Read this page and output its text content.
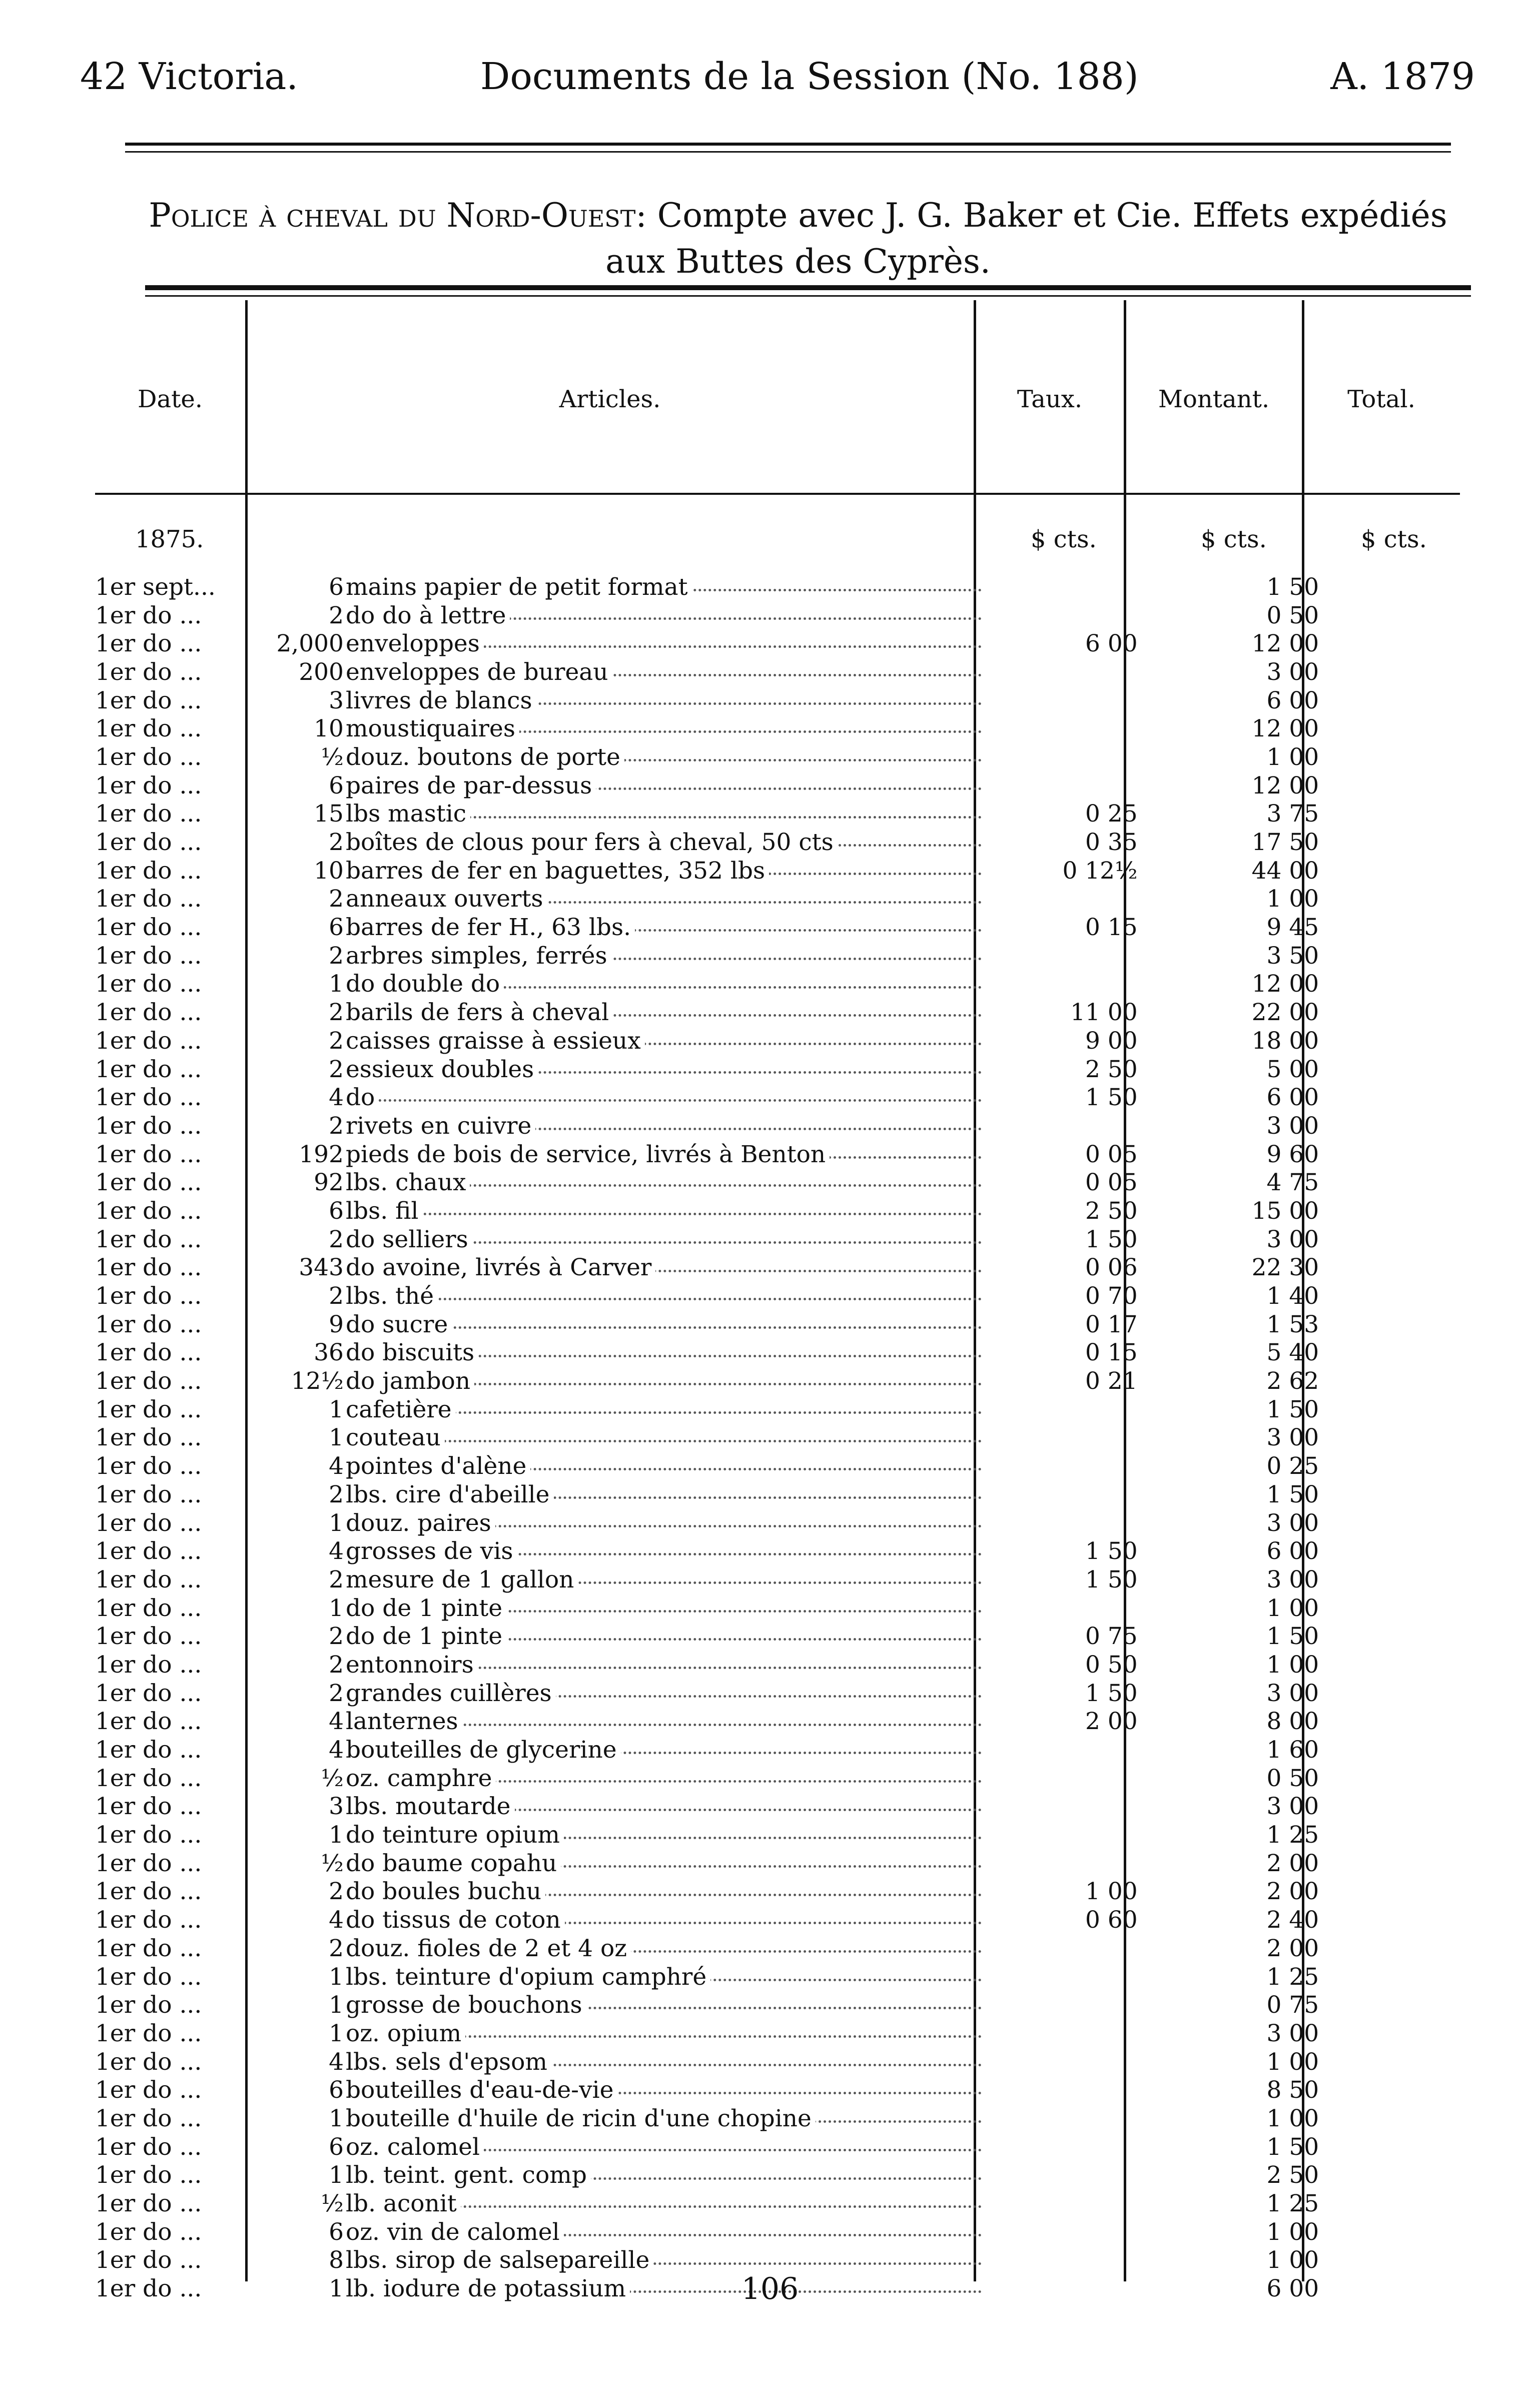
42 Victoria.	Documents de la Session (No. 188)	A. 1879
Police à cheval du Nord-Ouest: Compte avec J. G. Baker et Cie. Effets expédiés aux Buttes des Cyprès.
Date.	Articles.	Taux.	Montant.	Total.
1875.	$ cts.	$ cts.	$ cts.
1er sept...	6	mains papier de petit format		1 50	
1er do ...	2	do do à lettre		0 50	
1er do ...	2,000	enveloppes	6 00	12 00	
1er do ...	200	enveloppes de bureau		3 00	
1er do ...	3	livres de blancs		6 00	
1er do ...	10	moustiquaires		12 00	
1er do ...	½	douz. boutons de porte		1 00	
1er do ...	6	paires de par-dessus		12 00	
1er do ...	15	lbs mastic	0 25	3 75	
1er do ...	2	boîtes de clous pour fers à cheval, 50 cts	0 35	17 50	
1er do ...	10	barres de fer en baguettes, 352 lbs	0 12½	44 00	
1er do ...	2	anneaux ouverts		1 00	
1er do ...	6	barres de fer H., 63 lbs.	0 15	9 45	
1er do ...	2	arbres simples, ferrés		3 50	
1er do ...	1	do double do		12 00	
1er do ...	2	barils de fers à cheval	11 00	22 00	
1er do ...	2	caisses graisse à essieux	9 00	18 00	
1er do ...	2	essieux doubles	2 50	5 00	
1er do ...	4	do	1 50	6 00	
1er do ...	2	rivets en cuivre		3 00	
1er do ...	192	pieds de bois de service, livrés à Benton	0 05	9 60	
1er do ...	92	lbs. chaux	0 05	4 75	
1er do ...	6	lbs. fil	2 50	15 00	
1er do ...	2	do selliers	1 50	3 00	
1er do ...	343	do avoine, livrés à Carver	0 06	22 30	
1er do ...	2	lbs. thé	0 70	1 40	
1er do ...	9	do sucre	0 17	1 53	
1er do ...	36	do biscuits	0 15	5 40	
1er do ...	12½	do jambon	0 21	2 62	
1er do ...	1	cafetière		1 50	
1er do ...	1	couteau		3 00	
1er do ...	4	pointes d'alène		0 25	
1er do ...	2	lbs. cire d'abeille		1 50	
1er do ...	1	douz. paires		3 00	
1er do ...	4	grosses de vis	1 50	6 00	
1er do ...	2	mesure de 1 gallon	1 50	3 00	
1er do ...	1	do de 1 pinte		1 00	
1er do ...	2	do de 1 pinte	0 75	1 50	
1er do ...	2	entonnoirs	0 50	1 00	
1er do ...	2	grandes cuillères	1 50	3 00	
1er do ...	4	lanternes	2 00	8 00	
1er do ...	4	bouteilles de glycerine		1 60	
1er do ...	½	oz. camphre		0 50	
1er do ...	3	lbs. moutarde		3 00	
1er do ...	1	do teinture opium		1 25	
1er do ...	½	do baume copahu		2 00	
1er do ...	2	do boules buchu	1 00	2 00	
1er do ...	4	do tissus de coton	0 60	2 40	
1er do ...	2	douz. fioles de 2 et 4 oz		2 00	
1er do ...	1	lbs. teinture d'opium camphré		1 25	
1er do ...	1	grosse de bouchons		0 75	
1er do ...	1	oz. opium		3 00	
1er do ...	4	lbs. sels d'epsom		1 00	
1er do ...	6	bouteilles d'eau-de-vie		8 50	
1er do ...	1	bouteille d'huile de ricin d'une chopine		1 00	
1er do ...	6	oz. calomel		1 50	
1er do ...	1	lb. teint. gent. comp		2 50	
1er do ...	½	lb. aconit		1 25	
1er do ...	6	oz. vin de calomel		1 00	
1er do ...	8	lbs. sirop de salsepareille		1 00	
1er do ...	1	lb. iodure de potassium		6 00	
106
